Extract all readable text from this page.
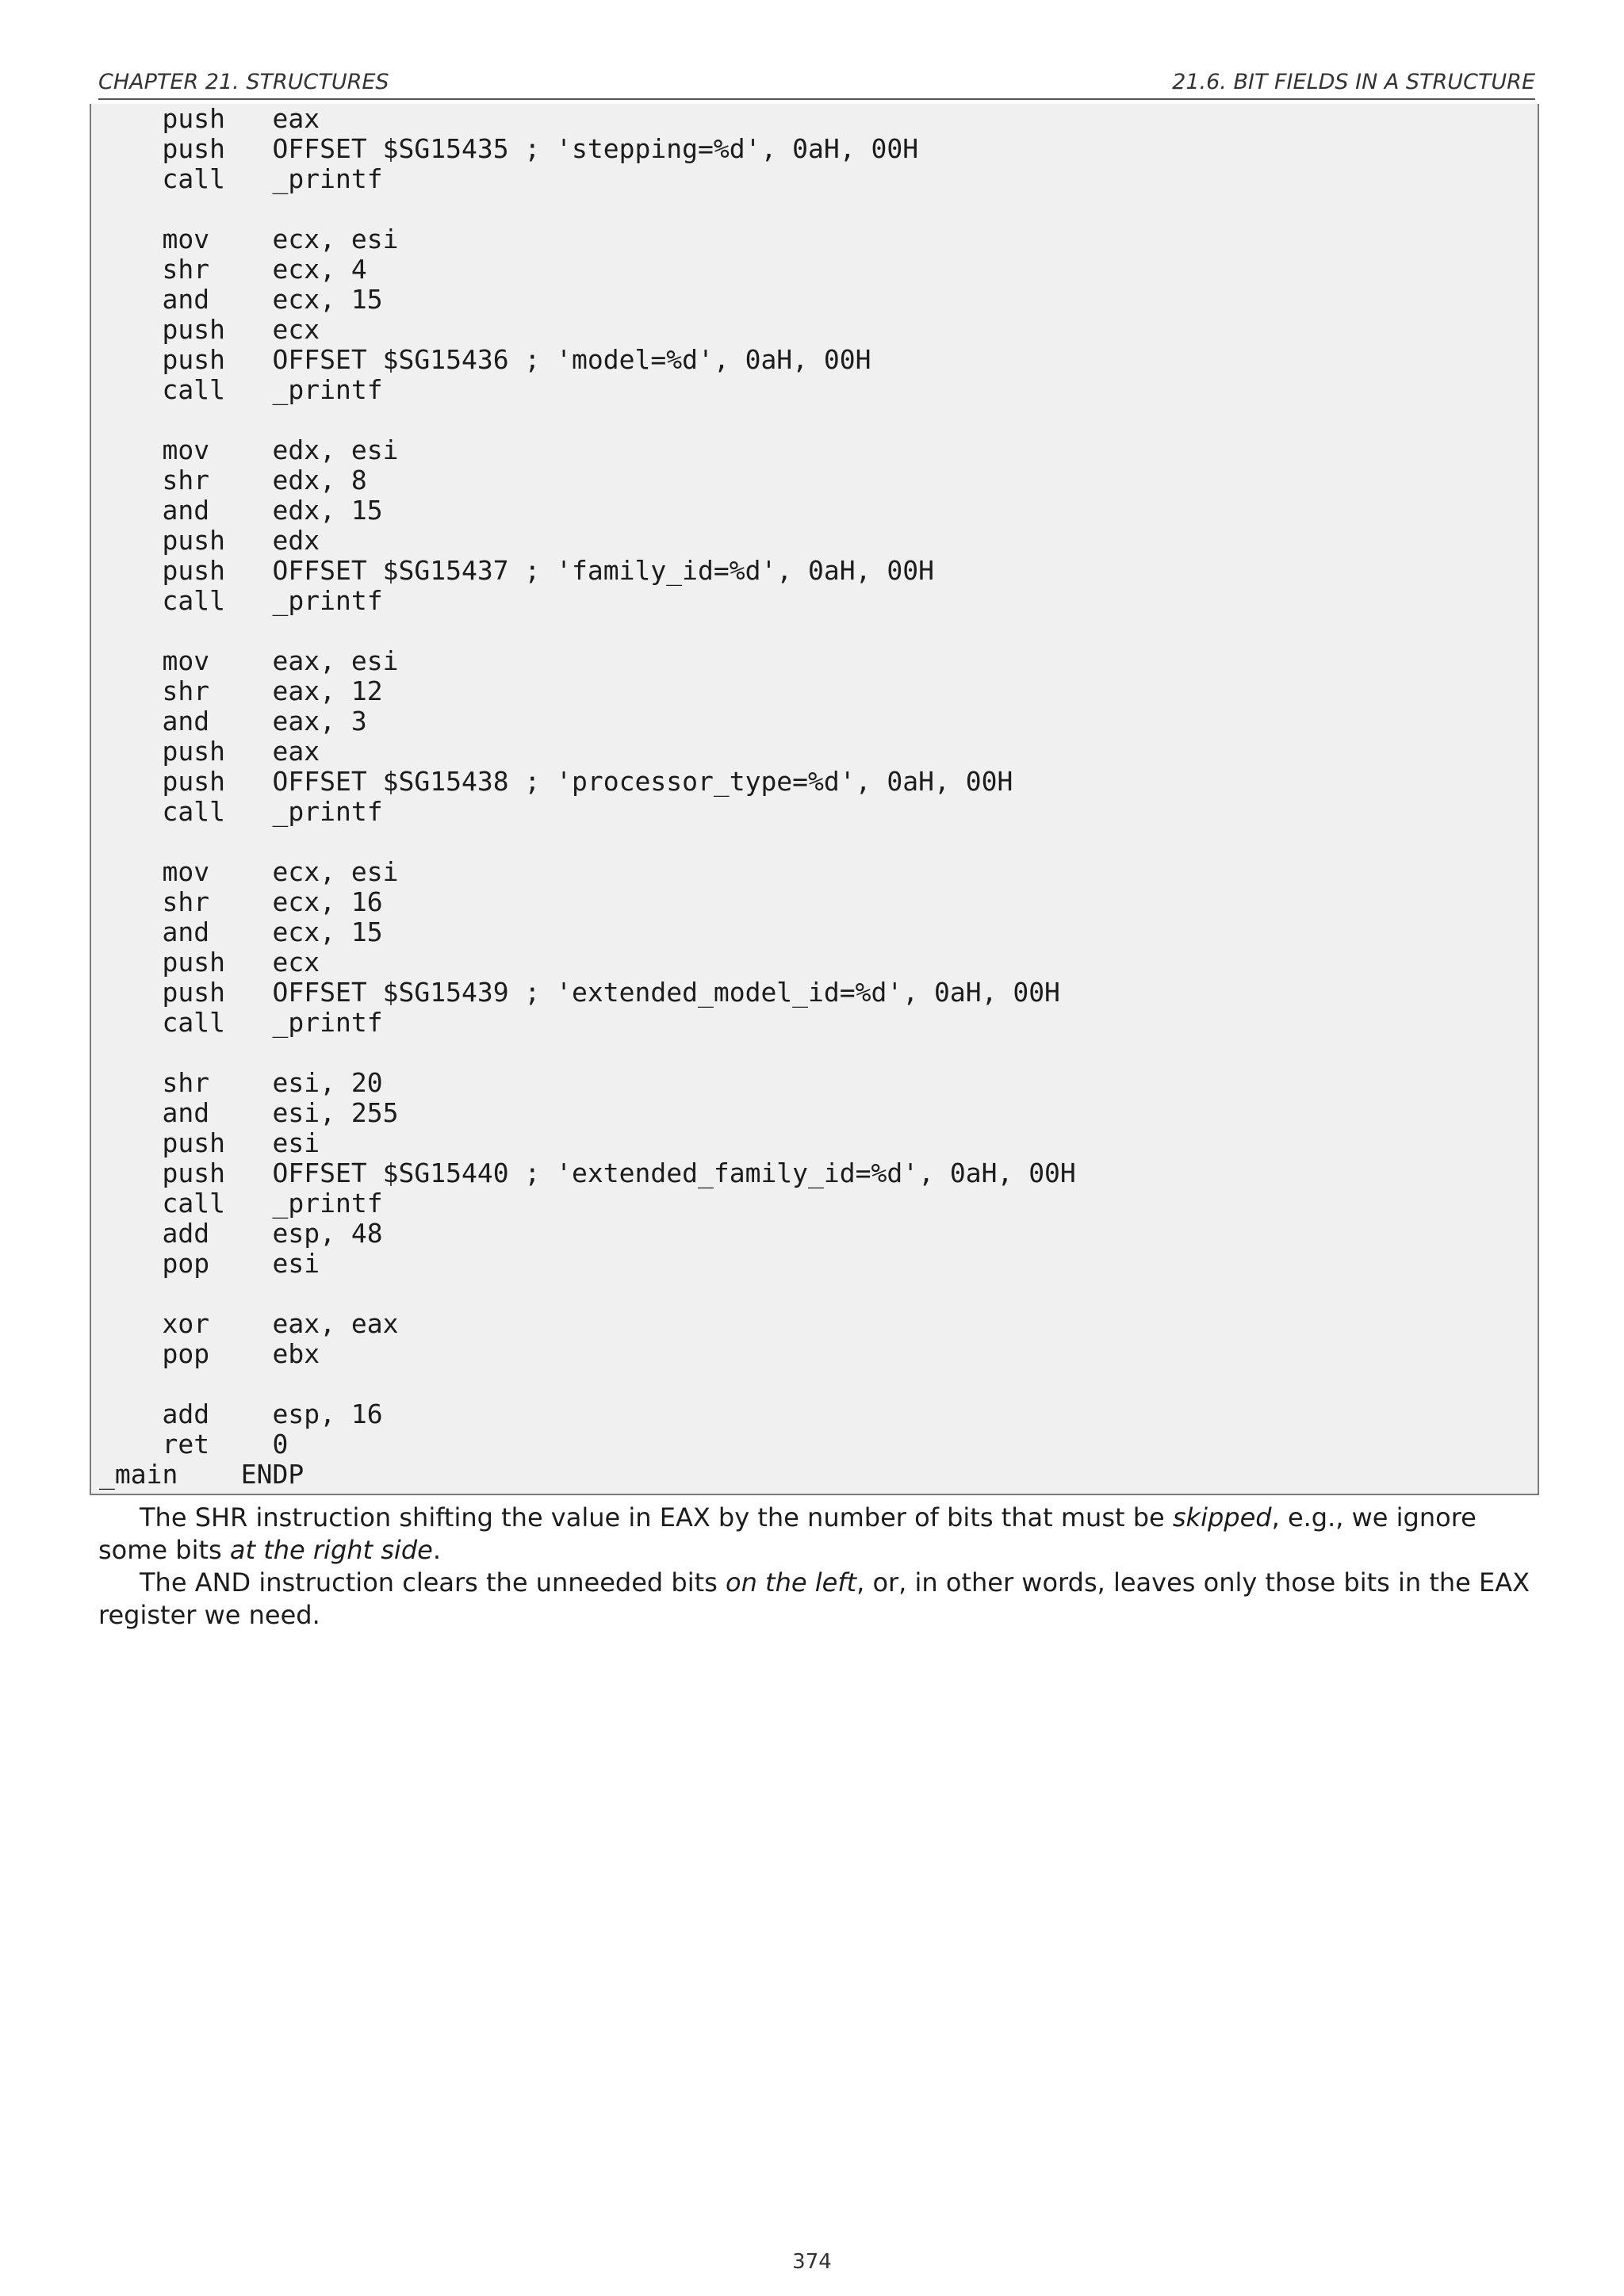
CHAPTER 21. STRUCTURES	21.6. BIT FIELDS IN A STRUCTURE
push   eax
push   OFFSET $SG15435 ; 'stepping=%d', 0aH, 00H
call   _printf

mov    ecx, esi
shr    ecx, 4
and    ecx, 15
push   ecx
push   OFFSET $SG15436 ; 'model=%d', 0aH, 00H
call   _printf

mov    edx, esi
shr    edx, 8
and    edx, 15
push   edx
push   OFFSET $SG15437 ; 'family_id=%d', 0aH, 00H
call   _printf

mov    eax, esi
shr    eax, 12
and    eax, 3
push   eax
push   OFFSET $SG15438 ; 'processor_type=%d', 0aH, 00H
call   _printf

mov    ecx, esi
shr    ecx, 16
and    ecx, 15
push   ecx
push   OFFSET $SG15439 ; 'extended_model_id=%d', 0aH, 00H
call   _printf

shr    esi, 20
and    esi, 255
push   esi
push   OFFSET $SG15440 ; 'extended_family_id=%d', 0aH, 00H
call   _printf
add    esp, 48
pop    esi

xor    eax, eax
pop    ebx

add    esp, 16
ret    0
_main    ENDP

The SHR instruction shifting the value in EAX by the number of bits that must be skipped, e.g., we ignore some bits at the right side.

The AND instruction clears the unneeded bits on the left, or, in other words, leaves only those bits in the EAX register we need.

374
